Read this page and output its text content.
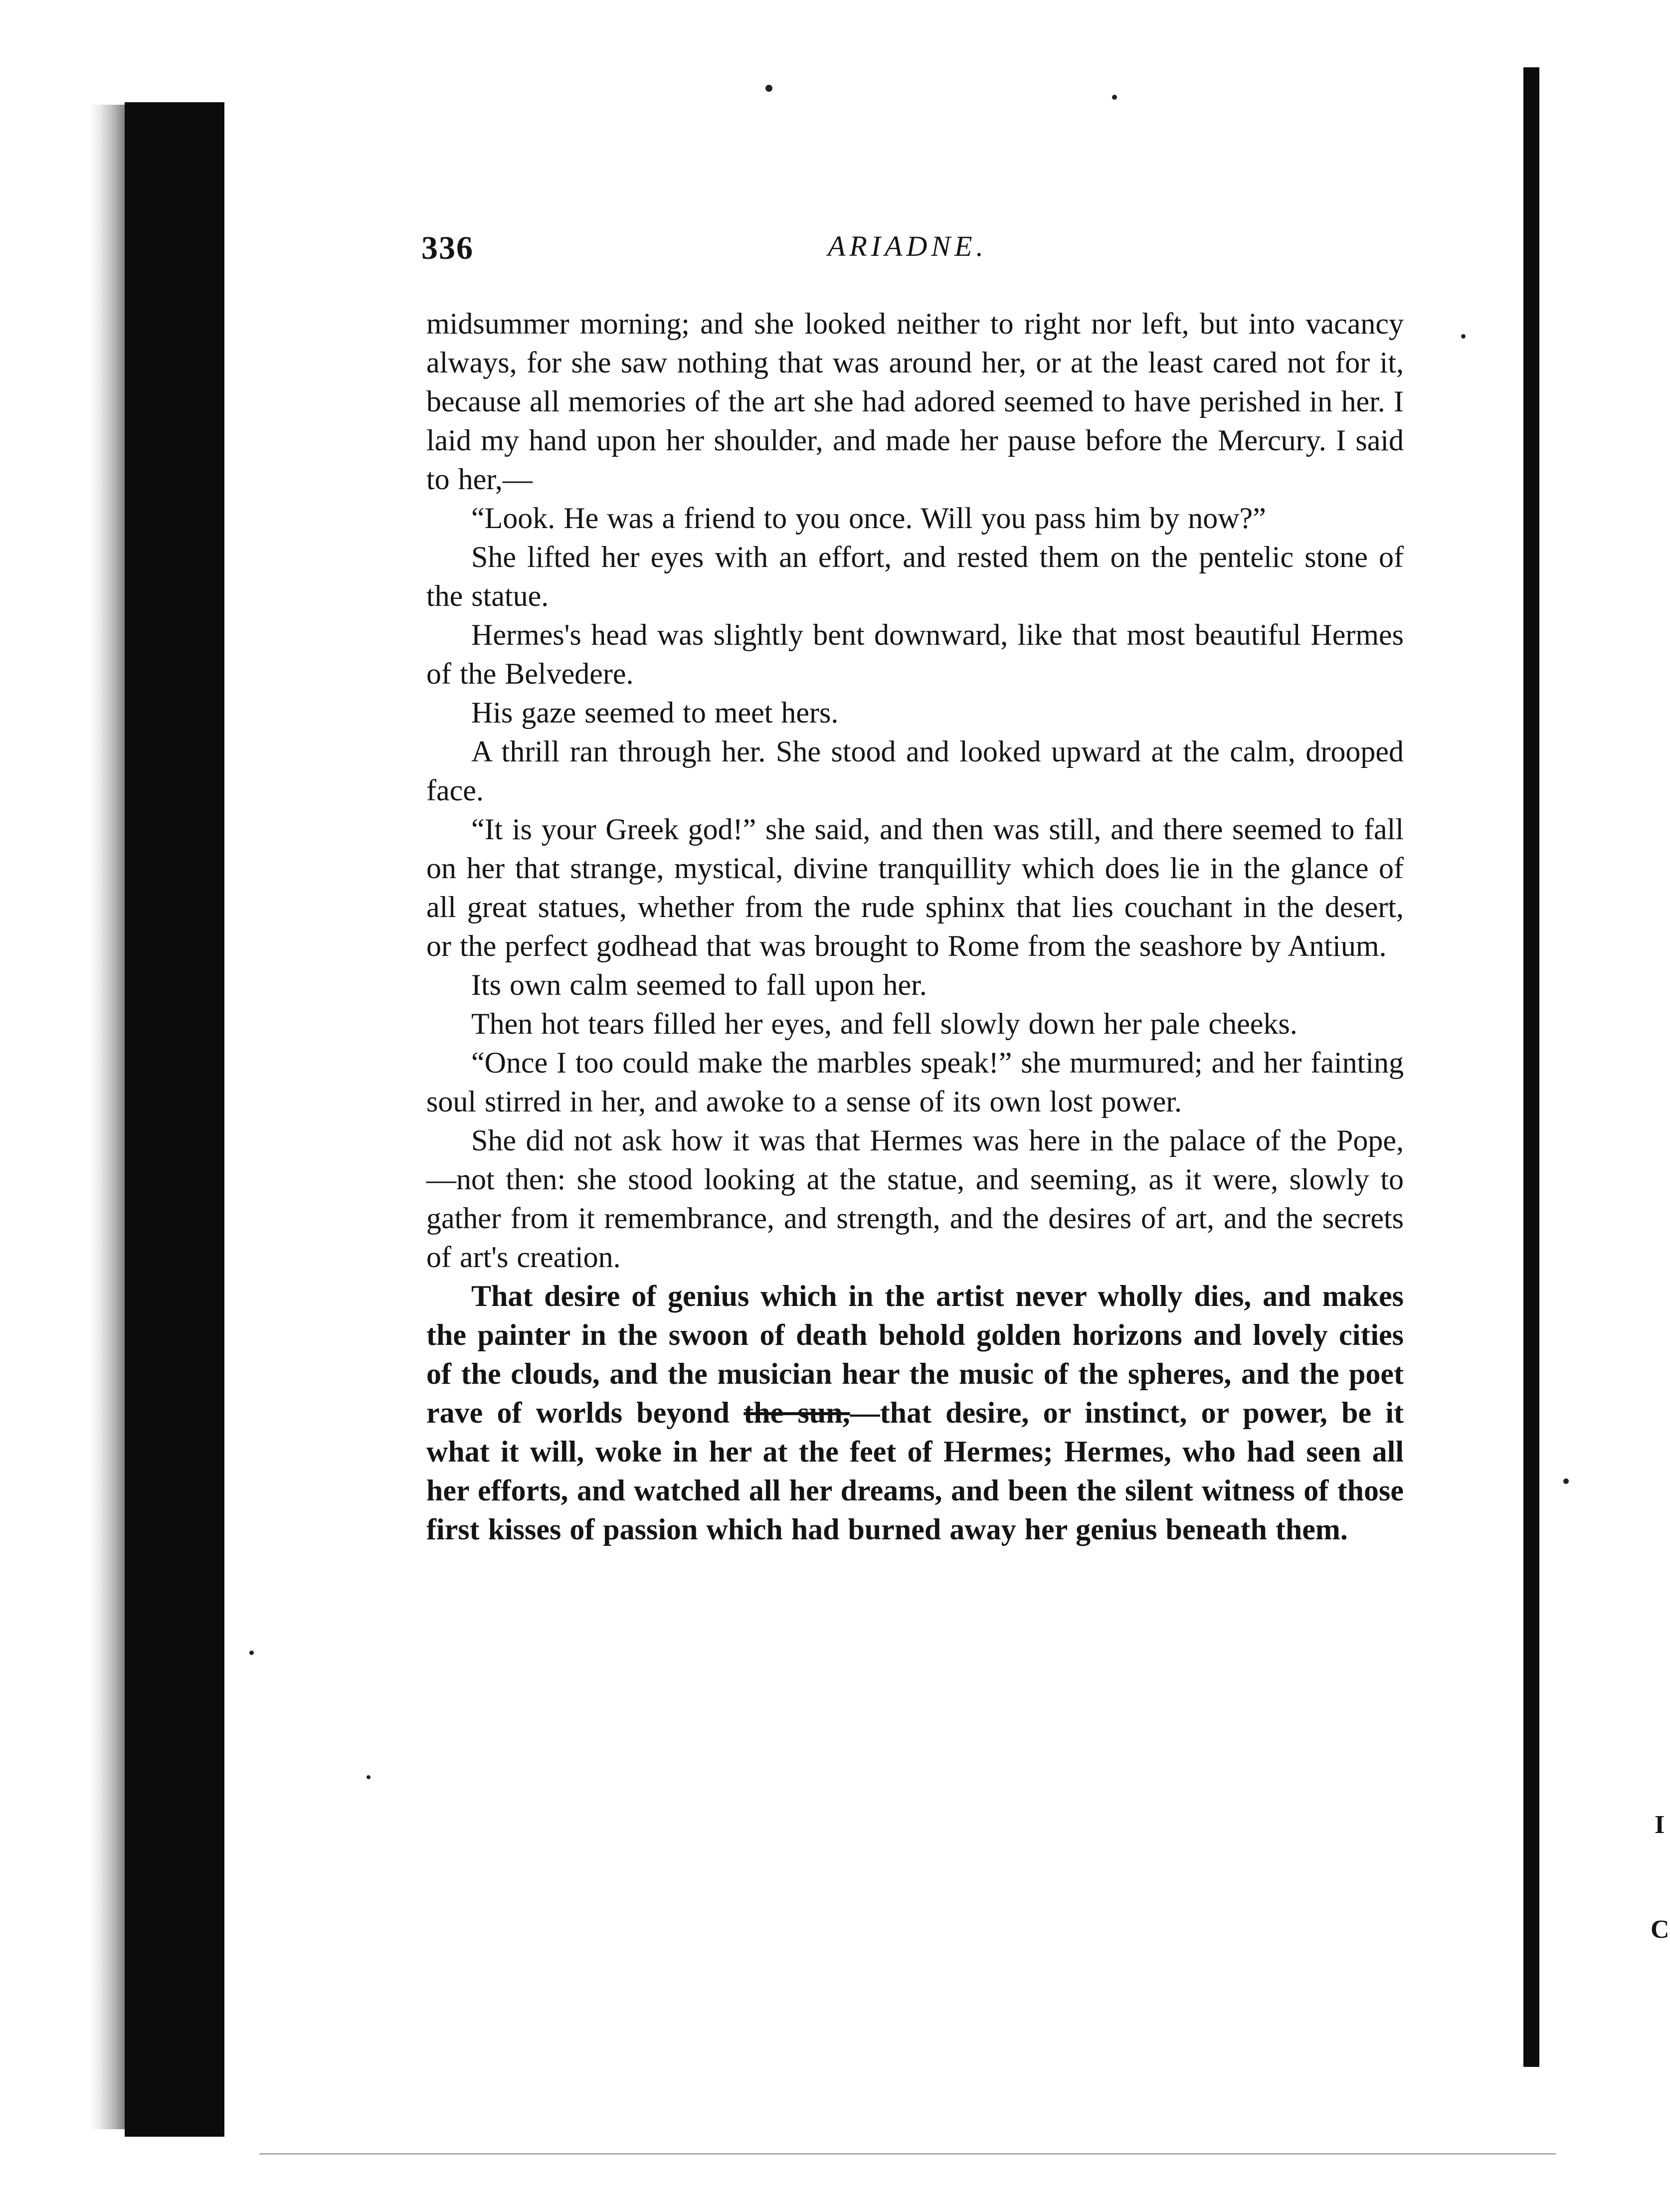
336	ARIADNE.

midsummer morning; and she looked neither to right nor left, but into vacancy always, for she saw nothing that was around her, or at the least cared not for it, because all memories of the art she had adored seemed to have perished in her. I laid my hand upon her shoulder, and made her pause before the Mercury. I said to her,—

“Look. He was a friend to you once. Will you pass him by now?”

She lifted her eyes with an effort, and rested them on the pentelic stone of the statue.

Hermes's head was slightly bent downward, like that most beautiful Hermes of the Belvedere.

His gaze seemed to meet hers.

A thrill ran through her. She stood and looked upward at the calm, drooped face.

“It is your Greek god!” she said, and then was still, and there seemed to fall on her that strange, mystical, divine tranquillity which does lie in the glance of all great statues, whether from the rude sphinx that lies couchant in the desert, or the perfect godhead that was brought to Rome from the seashore by Antium.

Its own calm seemed to fall upon her.

Then hot tears filled her eyes, and fell slowly down her pale cheeks.

“Once I too could make the marbles speak!” she murmured; and her fainting soul stirred in her, and awoke to a sense of its own lost power.

She did not ask how it was that Hermes was here in the palace of the Pope,—not then: she stood looking at the statue, and seeming, as it were, slowly to gather from it remembrance, and strength, and the desires of art, and the secrets of art's creation.

That desire of genius which in the artist never wholly dies, and makes the painter in the swoon of death behold golden horizons and lovely cities of the clouds, and the musician hear the music of the spheres, and the poet rave of worlds beyond the sun,—that desire, or instinct, or power, be it what it will, woke in her at the feet of Hermes; Hermes, who had seen all her efforts, and watched all her dreams, and been the silent witness of those first kisses of passion which had burned away her genius beneath them.

I
C
